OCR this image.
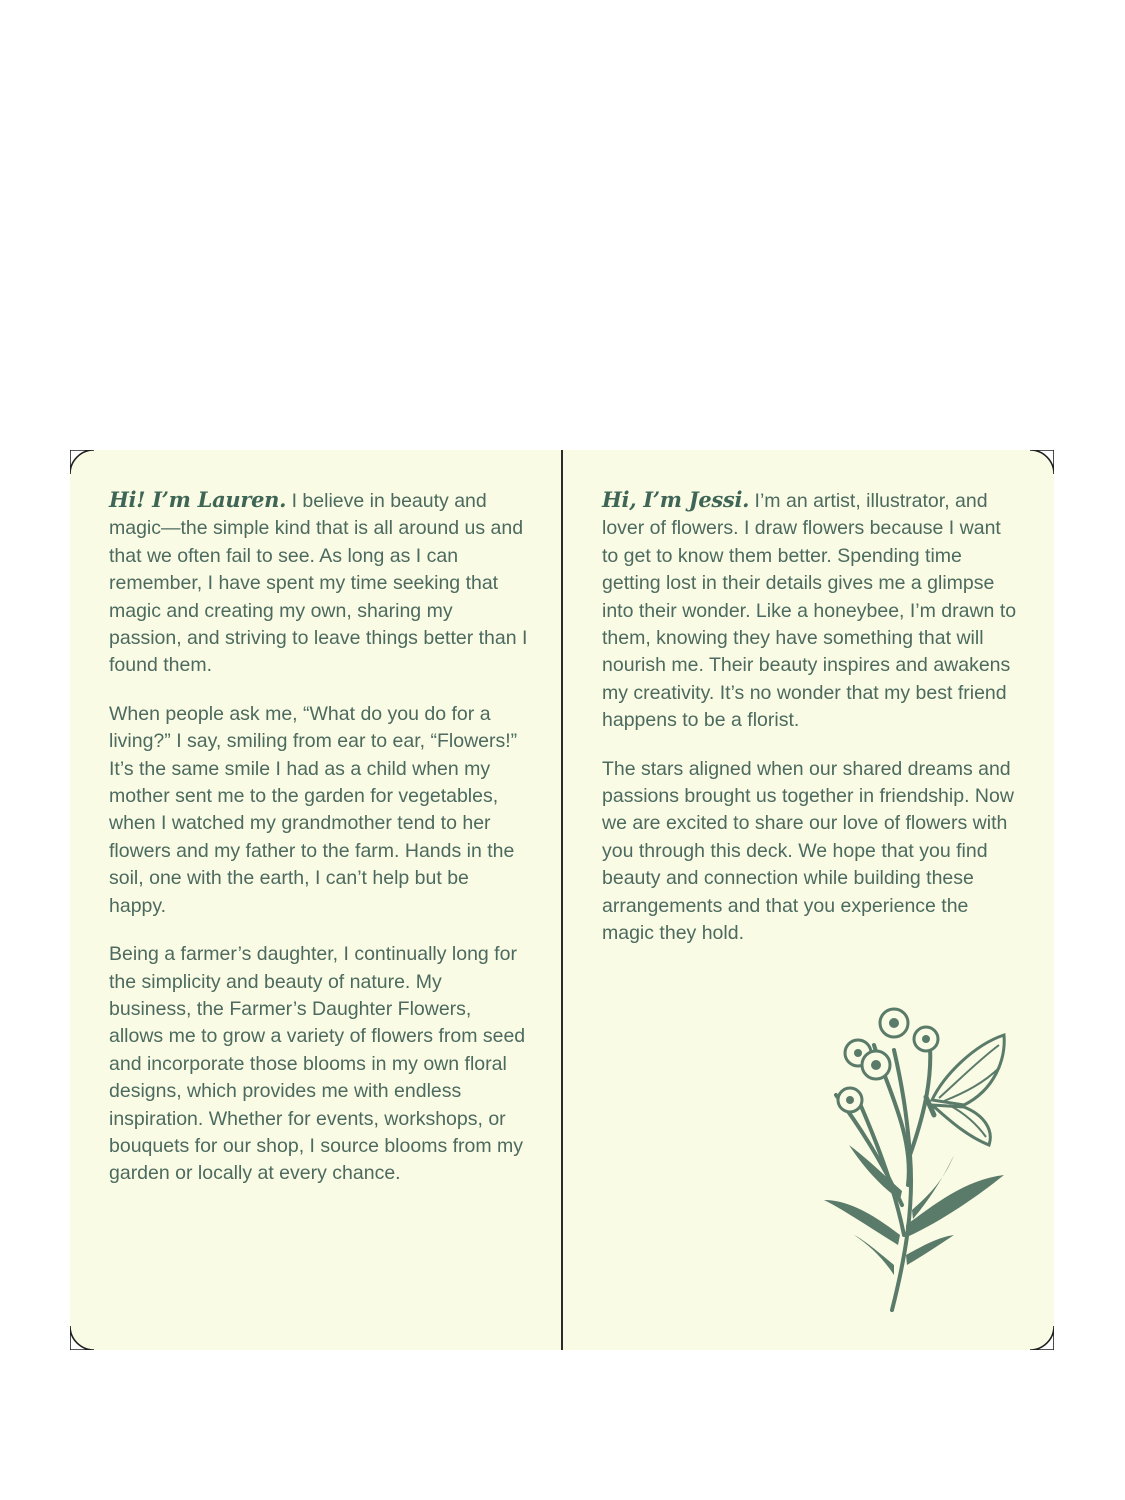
Hi! I’m Lauren. I believe in beauty and magic—the simple kind that is all around us and that we often fail to see. As long as I can remember, I have spent my time seeking that magic and creating my own, sharing my passion, and striving to leave things better than I found them.

When people ask me, “What do you do for a living?” I say, smiling from ear to ear, “Flowers!” It’s the same smile I had as a child when my mother sent me to the garden for vegetables, when I watched my grandmother tend to her flowers and my father to the farm. Hands in the soil, one with the earth, I can’t help but be happy.

Being a farmer’s daughter, I continually long for the simplicity and beauty of nature. My business, the Farmer’s Daughter Flowers, allows me to grow a variety of flowers from seed and incorporate those blooms in my own floral designs, which provides me with endless inspiration. Whether for events, workshops, or bouquets for our shop, I source blooms from my garden or locally at every chance.

Hi, I’m Jessi. I’m an artist, illustrator, and lover of flowers. I draw flowers because I want to get to know them better. Spending time getting lost in their details gives me a glimpse into their wonder. Like a honeybee, I’m drawn to them, knowing they have something that will nourish me. Their beauty inspires and awakens my creativity. It’s no wonder that my best friend happens to be a florist.

The stars aligned when our shared dreams and passions brought us together in friendship. Now we are excited to share our love of flowers with you through this deck. We hope that you find beauty and connection while building these arrangements and that you experience the magic they hold.
